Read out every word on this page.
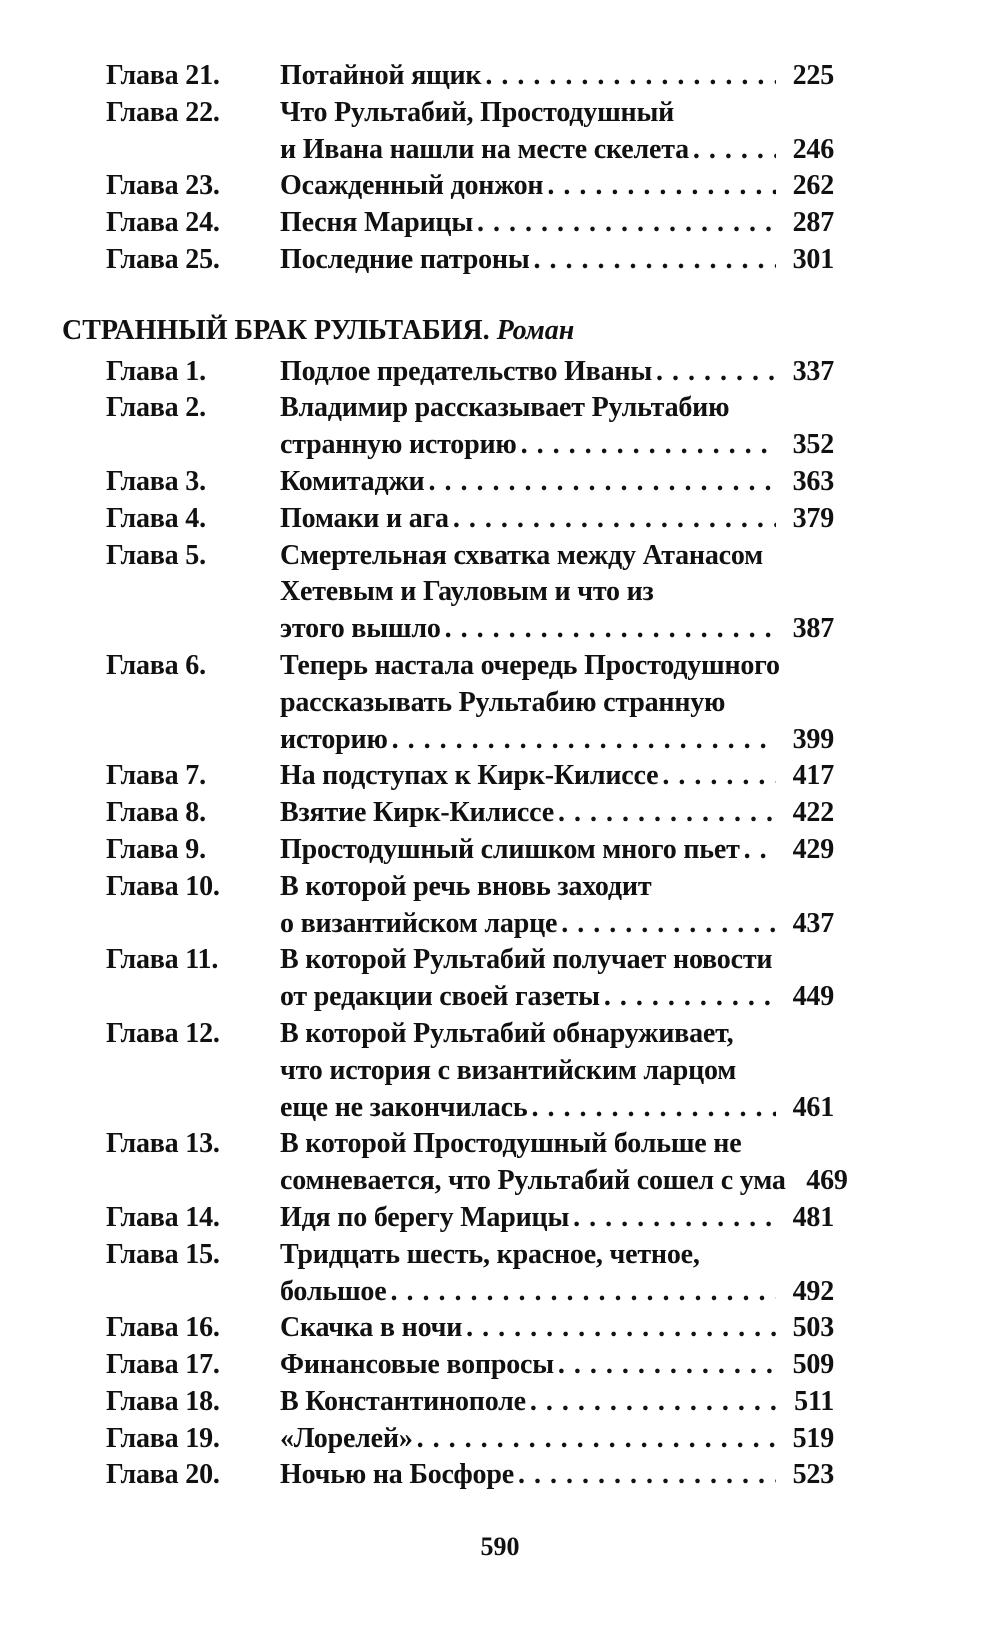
Глава 21. Потайной ящик . . .	225
Глава 22. Что Рультабий, Простодушный
и Ивана нашли на месте скелета . . .	246
Глава 23. Осажденный донжон . . .	262
Глава 24. Песня Марицы . . .	287
Глава 25. Последние патроны . . .	301
СТРАННЫЙ БРАК РУЛЬТАБИЯ. Роман
Глава 1.	Подлое предательство Иваны . . .	337
Глава 2.	Владимир рассказывает Рультабию
странную историю . . .	352
Глава 3.	Комитаджи . . .	363
Глава 4.	Помаки и ага . . .	379
Глава 5.	Смертельная схватка между Атанасом
Хетевым и Гауловым и что из
этого вышло . . .	387
Глава 6.	Теперь настала очередь Простодушного
рассказывать Рультабию странную
историю . . .	399
Глава 7.	На подступах к Кирк-Килиссе . . .	417
Глава 8.	Взятие Кирк-Килиссе . . .	422
Глава 9.	Простодушный слишком много пьет . . .	429
Глава 10. В которой речь вновь заходит
о византийском ларце . . .	437
Глава 11. В которой Рультабий получает новости
от редакции своей газеты . . .	449
Глава 12. В которой Рультабий обнаруживает,
что история с византийским ларцом
еще не закончилась . . .	461
Глава 13. В которой Простодушный больше не
сомневается, что Рультабий сошел с ума 469
Глава 14. Идя по берегу Марицы . . .	481
Глава 15. Тридцать шесть, красное, четное,
большое . . .	492
Глава 16. Скачка в ночи . . .	503
Глава 17. Финансовые вопросы . . .	509
Глава 18. В Константинополе . . .	511
Глава 19. «Лорелей» . . .	519
Глава 20. Ночью на Босфоре . . .	523
590
